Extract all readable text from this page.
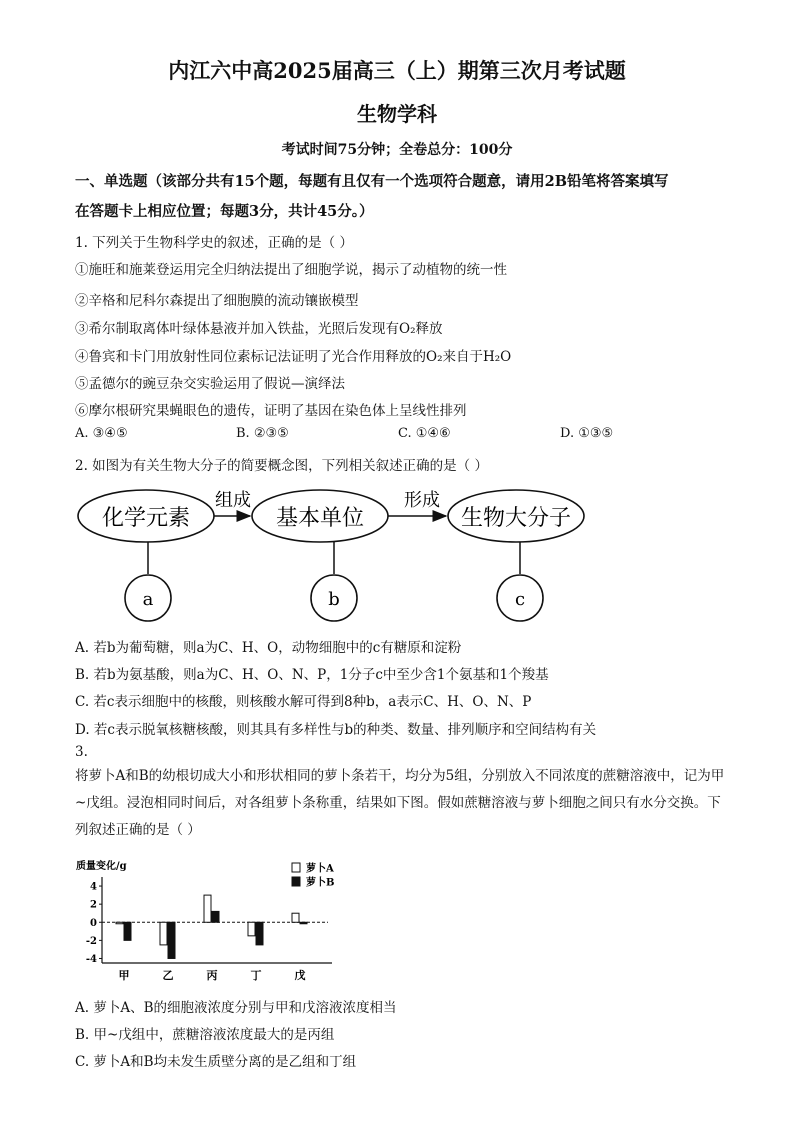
内江六中高2025届高三（上）期第三次月考试题
生物学科
考试时间75分钟；全卷总分：100分
一、单选题（该部分共有15个题，每题有且仅有一个选项符合题意，请用2B铅笔将答案填写
在答题卡上相应位置；每题3分，共计45分。）
1. 下列关于生物科学史的叙述，正确的是（ ）
①施旺和施莱登运用完全归纳法提出了细胞学说，揭示了动植物的统一性
②辛格和尼科尔森提出了细胞膜的流动镶嵌模型
③希尔制取离体叶绿体悬液并加入铁盐，光照后发现有O₂释放
④鲁宾和卡门用放射性同位素标记法证明了光合作用释放的O₂来自于H₂O
⑤孟德尔的豌豆杂交实验运用了假说—演绎法
⑥摩尔根研究果蝇眼色的遗传，证明了基因在染色体上呈线性排列
A. ③④⑤	B. ②③⑤	C. ①④⑥	D. ①③⑤
2. 如图为有关生物大分子的简要概念图，下列相关叙述正确的是（ ）
化学元素
组成
基本单位
形成
生物大分子
a	b	c
A. 若b为葡萄糖，则a为C、H、O，动物细胞中的c有糖原和淀粉
B. 若b为氨基酸，则a为C、H、O、N、P，1分子c中至少含1个氨基和1个羧基
C. 若c表示细胞中的核酸，则核酸水解可得到8种b，a表示C、H、O、N、P
D. 若c表示脱氧核糖核酸，则其具有多样性与b的种类、数量、排列顺序和空间结构有关
3.
将萝卜A和B的幼根切成大小和形状相同的萝卜条若干，均分为5组，分别放入不同浓度的蔗糖溶液中，记为甲~戊组。浸泡相同时间后，对各组萝卜条称重，结果如下图。假如蔗糖溶液与萝卜细胞之间只有水分交换。下列叙述正确的是（ ）
质量变化/g
4
2
0
-2
-4
甲	乙	丙	丁	戊
萝卜A
萝卜B
A. 萝卜A、B的细胞液浓度分别与甲和戊溶液浓度相当
B. 甲~戊组中，蔗糖溶液浓度最大的是丙组
C. 萝卜A和B均未发生质壁分离的是乙组和丁组
